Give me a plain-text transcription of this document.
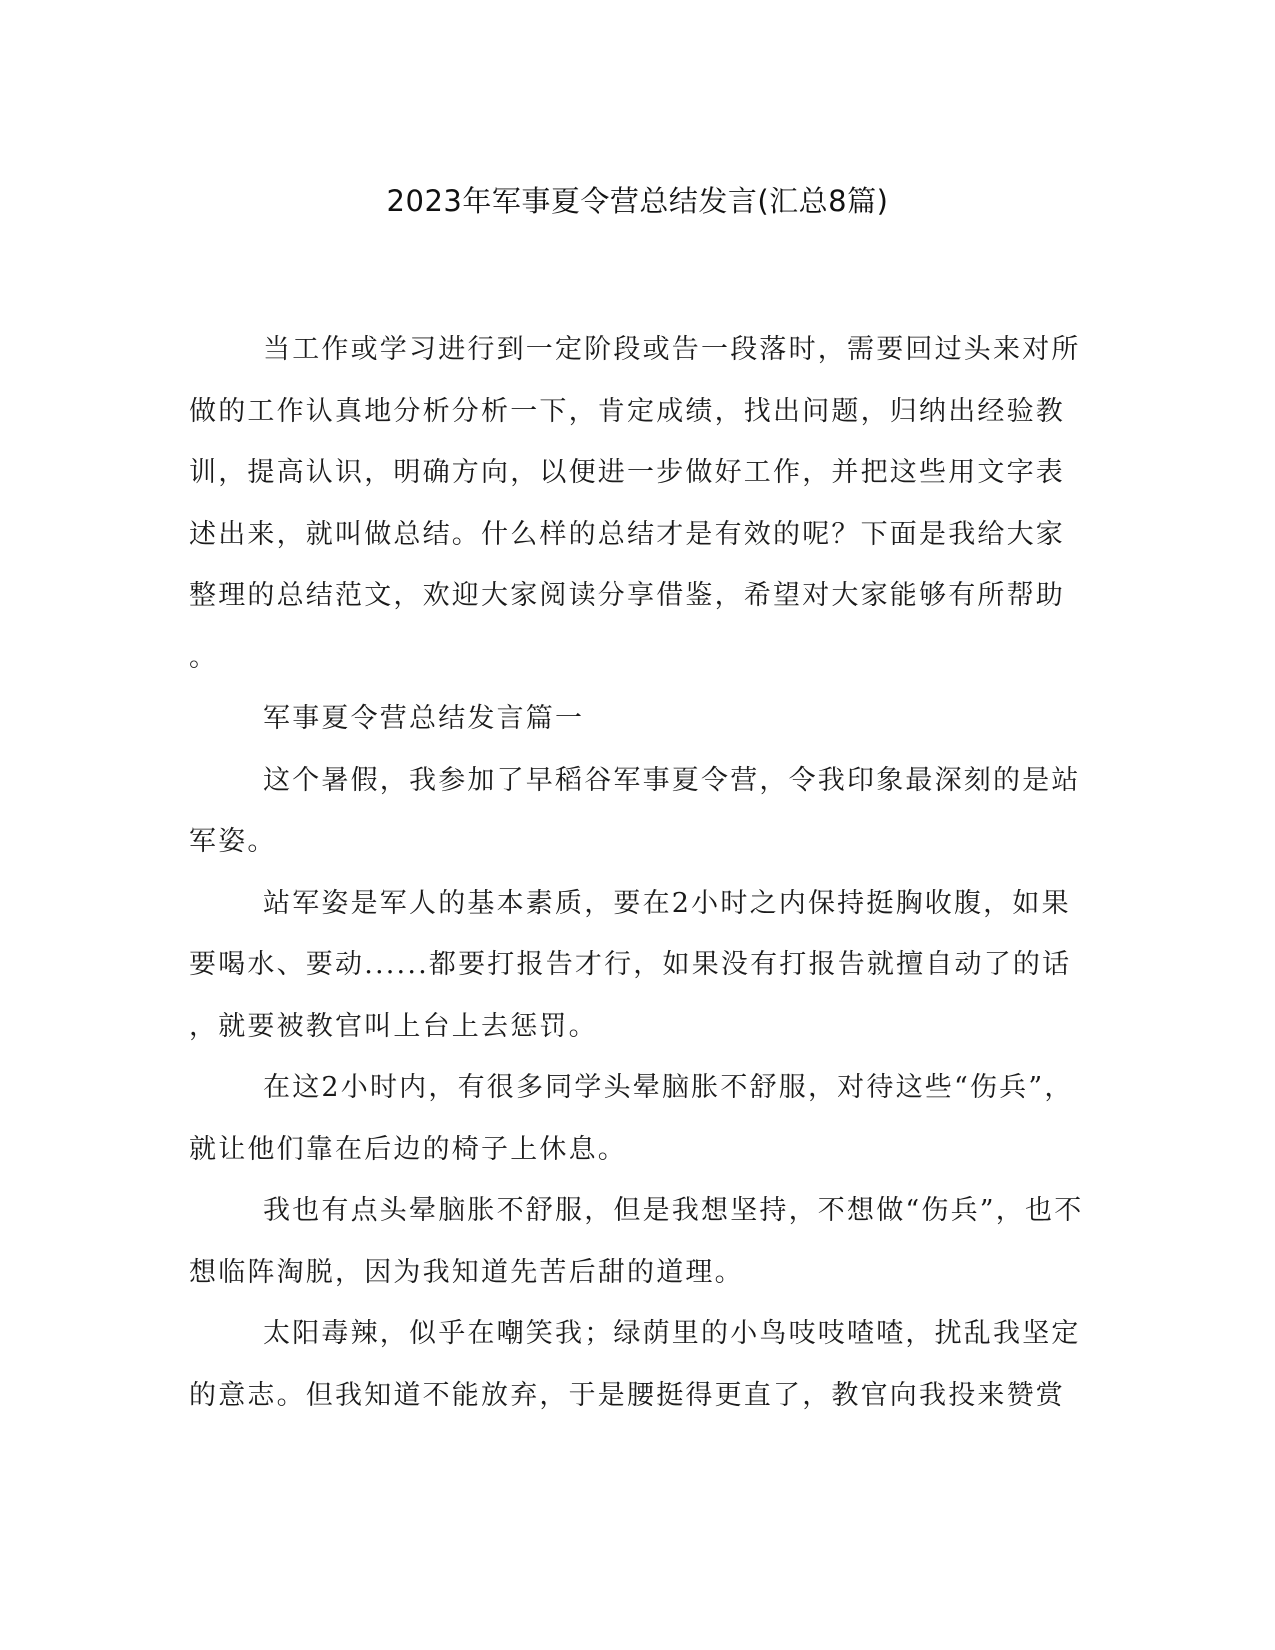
2023年军事夏令营总结发言(汇总8篇)

当工作或学习进行到一定阶段或告一段落时，需要回过头来对所
做的工作认真地分析分析一下，肯定成绩，找出问题，归纳出经验教
训，提高认识，明确方向，以便进一步做好工作，并把这些用文字表
述出来，就叫做总结。什么样的总结才是有效的呢？下面是我给大家
整理的总结范文，欢迎大家阅读分享借鉴，希望对大家能够有所帮助
。

军事夏令营总结发言篇一

这个暑假，我参加了早稻谷军事夏令营，令我印象最深刻的是站
军姿。

站军姿是军人的基本素质，要在2小时之内保持挺胸收腹，如果
要喝水、要动......都要打报告才行，如果没有打报告就擅自动了的话
，就要被教官叫上台上去惩罚。

在这2小时内，有很多同学头晕脑胀不舒服，对待这些“伤兵”，
就让他们靠在后边的椅子上休息。

我也有点头晕脑胀不舒服，但是我想坚持，不想做“伤兵”，也不
想临阵淘脱，因为我知道先苦后甜的道理。

太阳毒辣，似乎在嘲笑我；绿荫里的小鸟吱吱喳喳，扰乱我坚定
的意志。但我知道不能放弃，于是腰挺得更直了，教官向我投来赞赏
